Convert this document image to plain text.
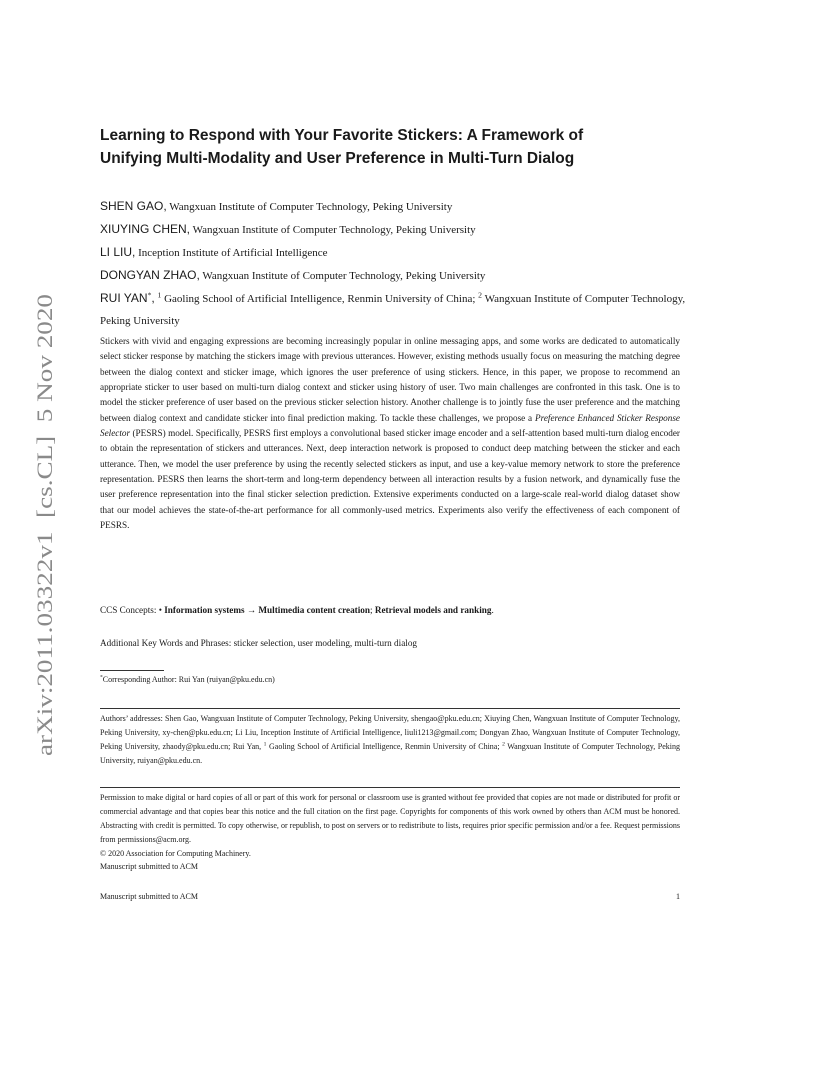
arXiv:2011.03322v1  [cs.CL]  5 Nov 2020
Learning to Respond with Your Favorite Stickers: A Framework of
Unifying Multi-Modality and User Preference in Multi-Turn Dialog

SHEN GAO, Wangxuan Institute of Computer Technology, Peking University

XIUYING CHEN, Wangxuan Institute of Computer Technology, Peking University

LI LIU, Inception Institute of Artificial Intelligence

DONGYAN ZHAO, Wangxuan Institute of Computer Technology, Peking University

RUI YAN*, $^1$ Gaoling School of Artificial Intelligence, Renmin University of China; $^2$ Wangxuan Institute of Computer Technology, Peking University

Stickers with vivid and engaging expressions are becoming increasingly popular in online messaging apps, and some works are dedicated to automatically select sticker response by matching the stickers image with previous utterances. However, existing methods usually focus on measuring the matching degree between the dialog context and sticker image, which ignores the user preference of using stickers. Hence, in this paper, we propose to recommend an appropriate sticker to user based on multi-turn dialog context and sticker using history of user. Two main challenges are confronted in this task. One is to model the sticker preference of user based on the previous sticker selection history. Another challenge is to jointly fuse the user preference and the matching between dialog context and candidate sticker into final prediction making. To tackle these challenges, we propose a Preference Enhanced Sticker Response Selector (PESRS) model. Specifically, PESRS first employs a convolutional based sticker image encoder and a self-attention based multi-turn dialog encoder to obtain the representation of stickers and utterances. Next, deep interaction network is proposed to conduct deep matching between the sticker and each utterance. Then, we model the user preference by using the recently selected stickers as input, and use a key-value memory network to store the preference representation. PESRS then learns the short-term and long-term dependency between all interaction results by a fusion network, and dynamically fuse the user preference representation into the final sticker selection prediction. Extensive experiments conducted on a large-scale real-world dialog dataset show that our model achieves the state-of-the-art performance for all commonly-used metrics. Experiments also verify the effectiveness of each component of PESRS.

CCS Concepts: • Information systems → Multimedia content creation; Retrieval models and ranking.

Additional Key Words and Phrases: sticker selection, user modeling, multi-turn dialog

*Corresponding Author: Rui Yan (ruiyan@pku.edu.cn)

Authors’ addresses: Shen Gao, Wangxuan Institute of Computer Technology, Peking University, shengao@pku.edu.cn; Xiuying Chen, Wangxuan Institute of Computer Technology, Peking University, xy-chen@pku.edu.cn; Li Liu, Inception Institute of Artificial Intelligence, liuli1213@gmail.com; Dongyan Zhao, Wangxuan Institute of Computer Technology, Peking University, zhaody@pku.edu.cn; Rui Yan, $^1$ Gaoling School of Artificial Intelligence, Renmin University of China; $^2$ Wangxuan Institute of Computer Technology, Peking University, ruiyan@pku.edu.cn.

Permission to make digital or hard copies of all or part of this work for personal or classroom use is granted without fee provided that copies are not made or distributed for profit or commercial advantage and that copies bear this notice and the full citation on the first page. Copyrights for components of this work owned by others than ACM must be honored. Abstracting with credit is permitted. To copy otherwise, or republish, to post on servers or to redistribute to lists, requires prior specific permission and/or a fee. Request permissions from permissions@acm.org.

© 2020 Association for Computing Machinery.

Manuscript submitted to ACM

Manuscript submitted to ACM	1
